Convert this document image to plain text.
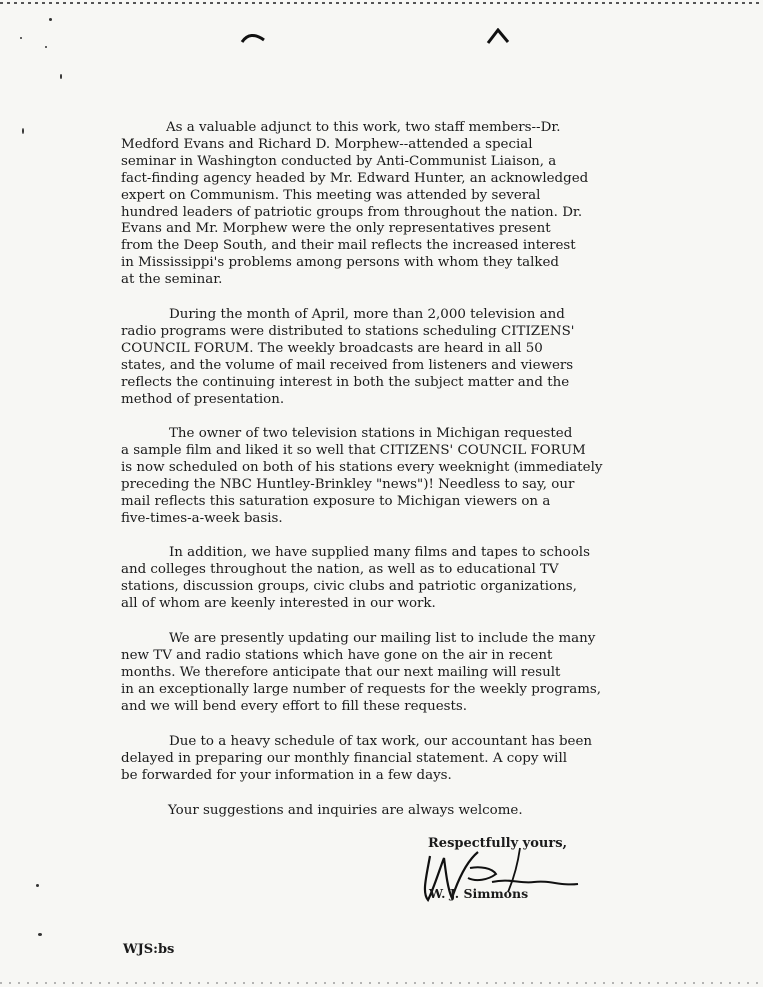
As a valuable adjunct to this work, two staff members--Dr.
Medford Evans and Richard D. Morphew--attended a special
seminar in Washington conducted by Anti-Communist Liaison, a
fact-finding agency headed by Mr. Edward Hunter, an acknowledged
expert on Communism. This meeting was attended by several
hundred leaders of patriotic groups from throughout the nation. Dr.
Evans and Mr. Morphew were the only representatives present
from the Deep South, and their mail reflects the increased interest
in Mississippi's problems among persons with whom they talked
at the seminar.
During the month of April, more than 2,000 television and
radio programs were distributed to stations scheduling CITIZENS'
COUNCIL FORUM. The weekly broadcasts are heard in all 50
states, and the volume of mail received from listeners and viewers
reflects the continuing interest in both the subject matter and the
method of presentation.
The owner of two television stations in Michigan requested
a sample film and liked it so well that CITIZENS' COUNCIL FORUM
is now scheduled on both of his stations every weeknight (immediately
preceding the NBC Huntley-Brinkley "news")! Needless to say, our
mail reflects this saturation exposure to Michigan viewers on a
five-times-a-week basis.
In addition, we have supplied many films and tapes to schools
and colleges throughout the nation, as well as to educational TV
stations, discussion groups, civic clubs and patriotic organizations,
all of whom are keenly interested in our work.
We are presently updating our mailing list to include the many
new TV and radio stations which have gone on the air in recent
months. We therefore anticipate that our next mailing will result
in an exceptionally large number of requests for the weekly programs,
and we will bend every effort to fill these requests.
Due to a heavy schedule of tax work, our accountant has been
delayed in preparing our monthly financial statement. A copy will
be forwarded for your information in a few days.
Your suggestions and inquiries are always welcome.
Respectfully yours,
W. J. Simmons
WJS:bs
